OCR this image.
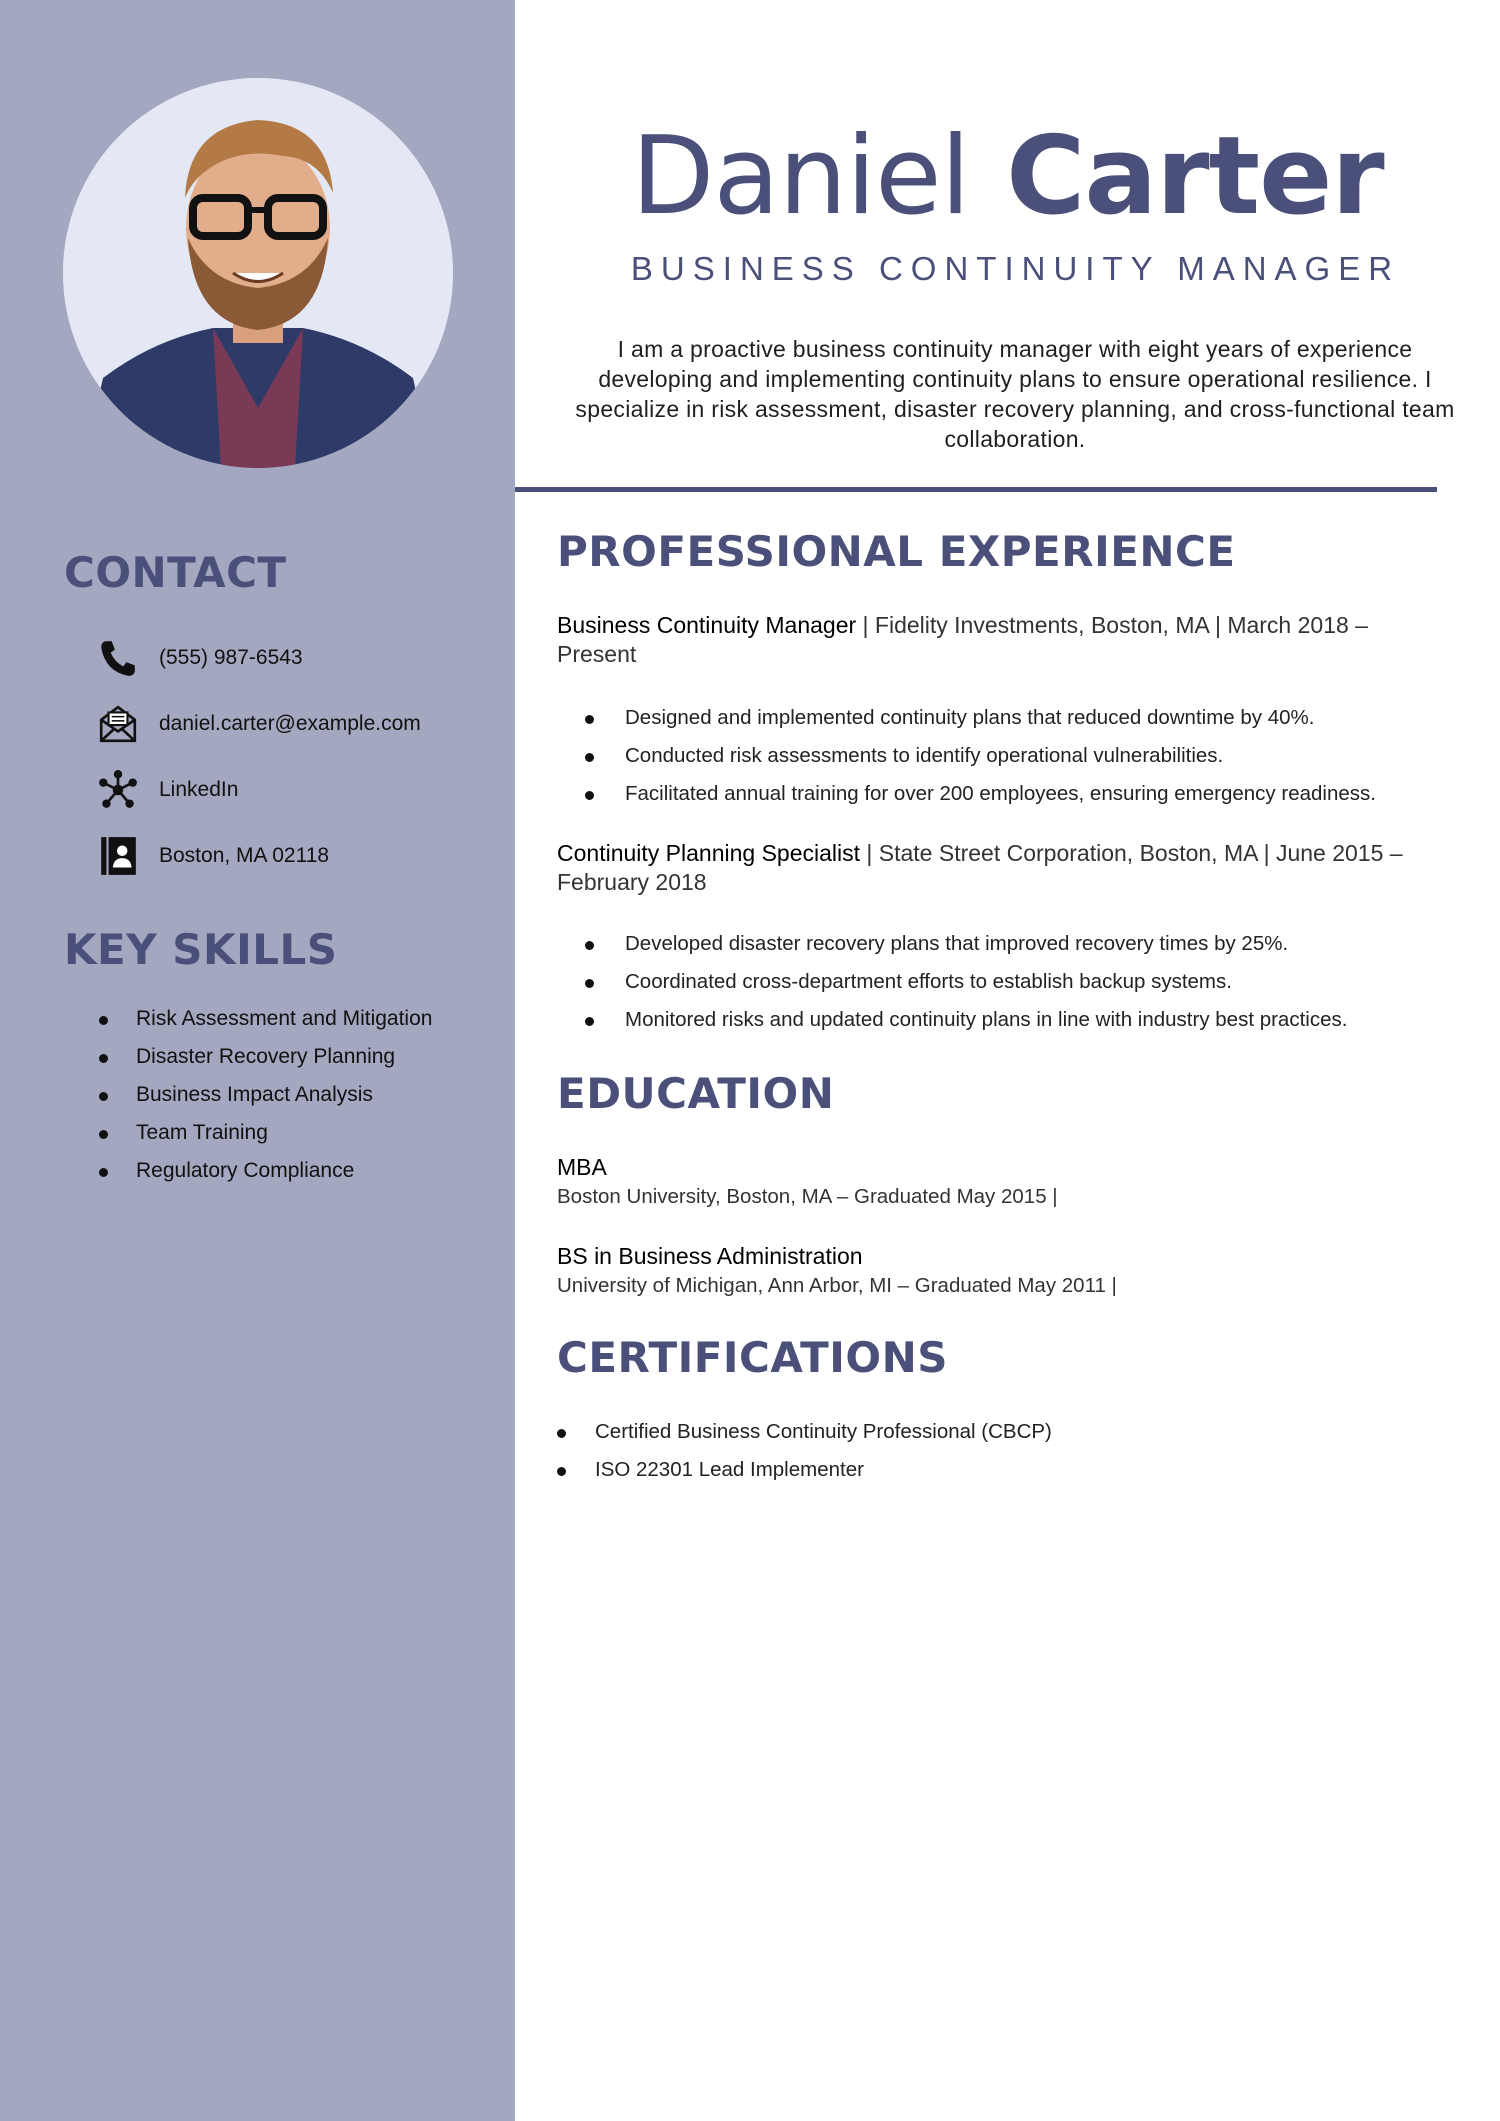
CONTACT
(555) 987-6543
daniel.carter@example.com
LinkedIn
Boston, MA 02118
KEY SKILLS
Risk Assessment and Mitigation
Disaster Recovery Planning
Business Impact Analysis
Team Training
Regulatory Compliance
Daniel Carter
BUSINESS CONTINUITY MANAGER
I am a proactive business continuity manager with eight years of experience developing and implementing continuity plans to ensure operational resilience. I specialize in risk assessment, disaster recovery planning, and cross-functional team collaboration.
PROFESSIONAL EXPERIENCE
Business Continuity Manager | Fidelity Investments, Boston, MA | March 2018 – Present
Designed and implemented continuity plans that reduced downtime by 40%.
Conducted risk assessments to identify operational vulnerabilities.
Facilitated annual training for over 200 employees, ensuring emergency readiness.
Continuity Planning Specialist | State Street Corporation, Boston, MA | June 2015 – February 2018
Developed disaster recovery plans that improved recovery times by 25%.
Coordinated cross-department efforts to establish backup systems.
Monitored risks and updated continuity plans in line with industry best practices.
EDUCATION
MBA
Boston University, Boston, MA – Graduated May 2015 |
BS in Business Administration
University of Michigan, Ann Arbor, MI – Graduated May 2011 |
CERTIFICATIONS
Certified Business Continuity Professional (CBCP)
ISO 22301 Lead Implementer
